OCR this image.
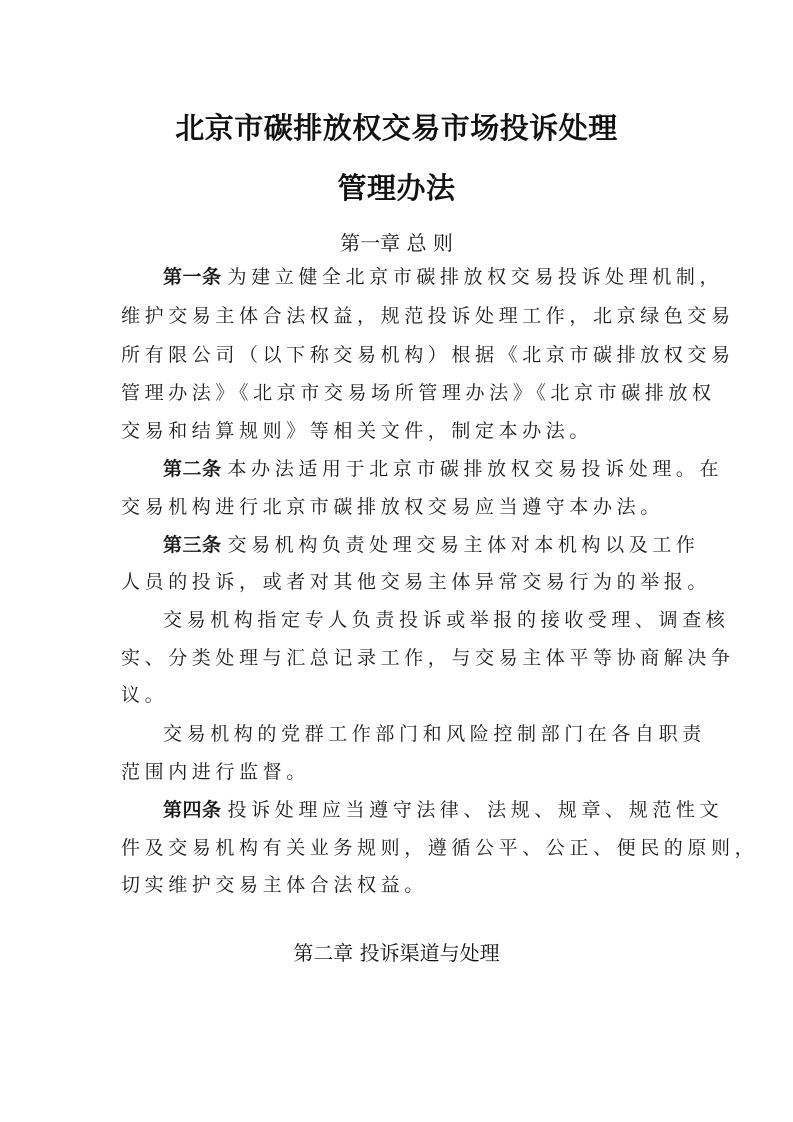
北京市碳排放权交易市场投诉处理
管理办法
第一章 总 则
第一条 为建立健全北京市碳排放权交易投诉处理机制，
维护交易主体合法权益，规范投诉处理工作，北京绿色交易
所有限公司（以下称交易机构）根据《北京市碳排放权交易
管理办法》《北京市交易场所管理办法》《北京市碳排放权
交易和结算规则》等相关文件，制定本办法。
第二条 本办法适用于北京市碳排放权交易投诉处理。在
交易机构进行北京市碳排放权交易应当遵守本办法。
第三条 交易机构负责处理交易主体对本机构以及工作
人员的投诉，或者对其他交易主体异常交易行为的举报。
交易机构指定专人负责投诉或举报的接收受理、调查核
实、分类处理与汇总记录工作，与交易主体平等协商解决争
议。
交易机构的党群工作部门和风险控制部门在各自职责
范围内进行监督。
第四条 投诉处理应当遵守法律、法规、规章、规范性文
件及交易机构有关业务规则，遵循公平、公正、便民的原则，
切实维护交易主体合法权益。
第二章 投诉渠道与处理
